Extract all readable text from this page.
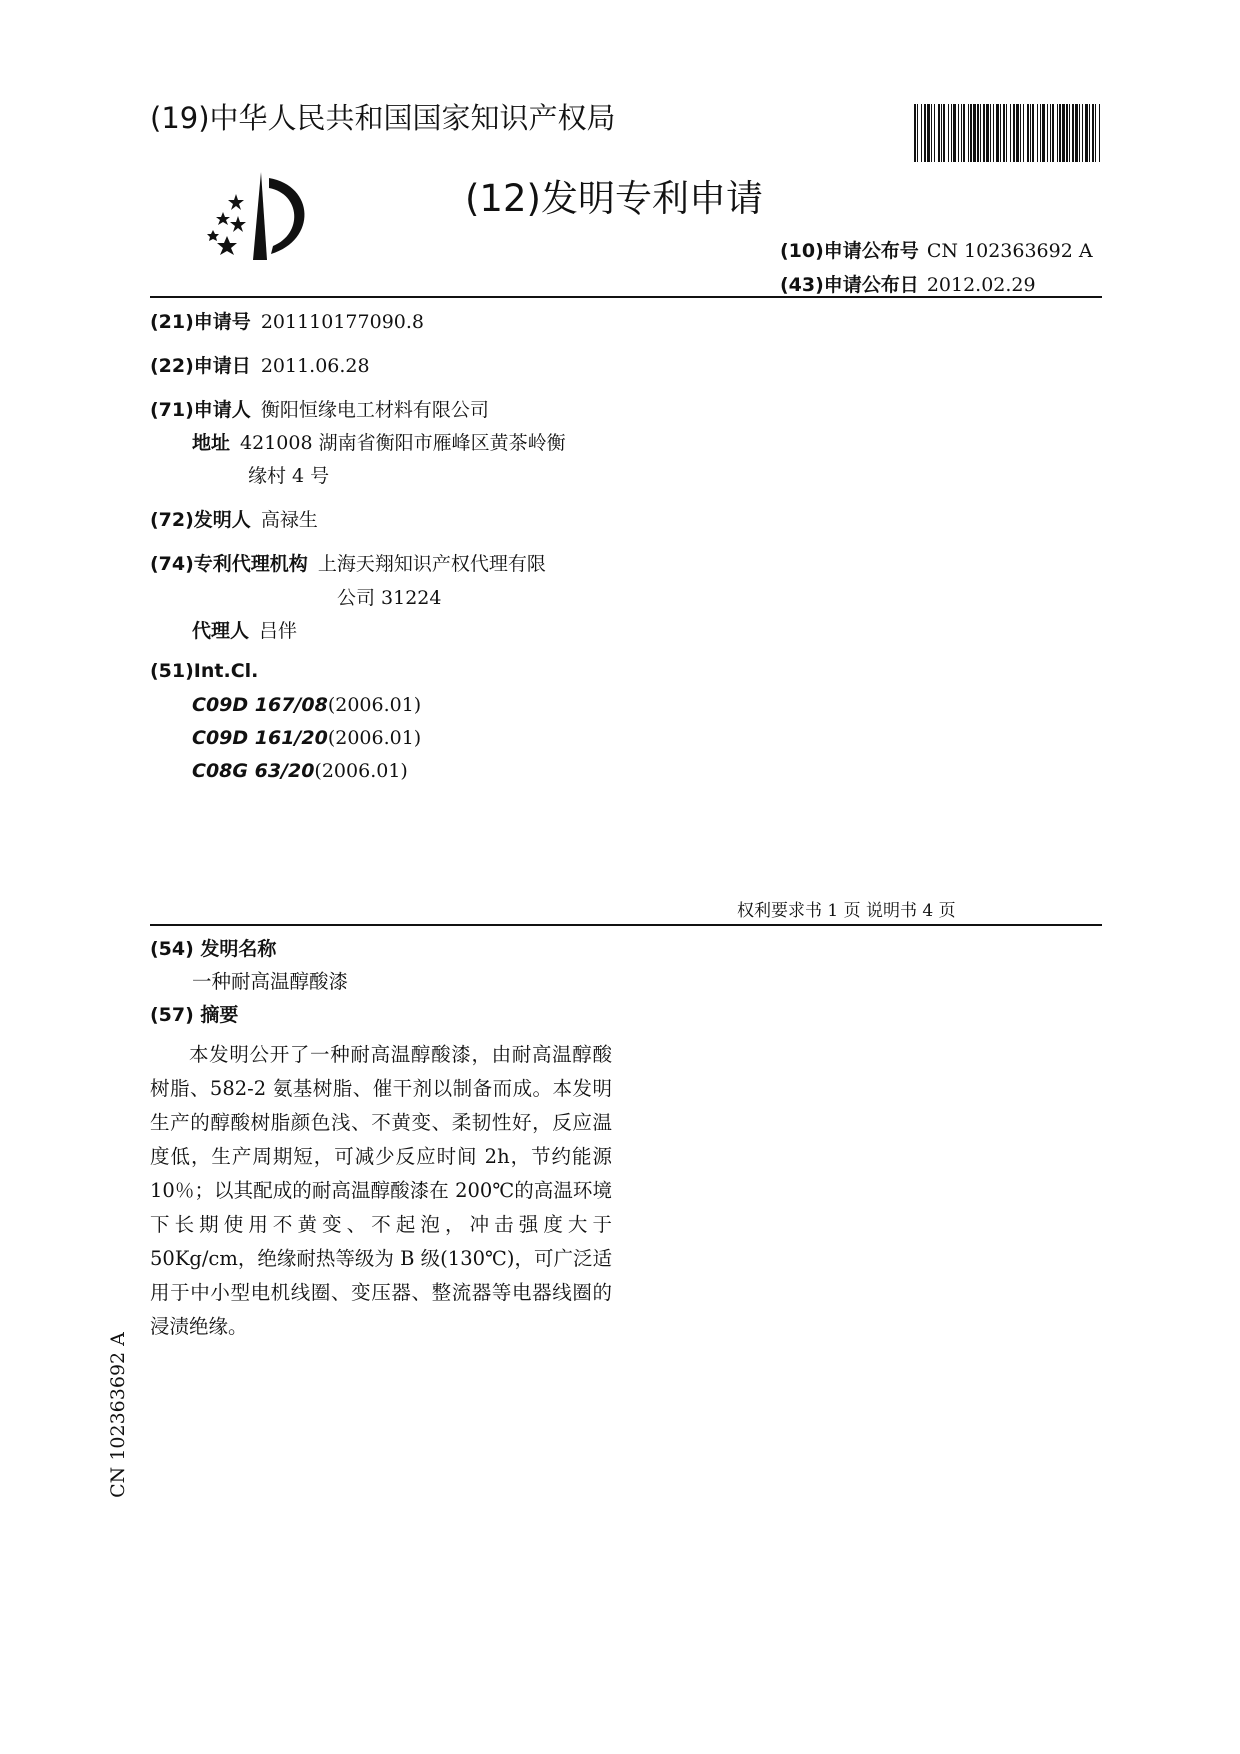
(19)中华人民共和国国家知识产权局
(12)发明专利申请
(10)申请公布号 CN 102363692 A
(43)申请公布日 2012.02.29
(21)申请号 201110177090.8
(22)申请日 2011.06.28
(71)申请人 衡阳恒缘电工材料有限公司
地址 421008 湖南省衡阳市雁峰区黄茶岭衡
缘村 4 号
(72)发明人 高禄生
(74)专利代理机构 上海天翔知识产权代理有限
公司 31224
代理人 吕伴
(51)Int.Cl.
C09D 167/08(2006.01)
C09D 161/20(2006.01)
C08G 63/20(2006.01)
权利要求书 1 页 说明书 4 页
(54) 发明名称
一种耐高温醇酸漆
(57) 摘要
本发明公开了一种耐高温醇酸漆，由耐高温醇酸树脂、582-2 氨基树脂、催干剂以制备而成。本发明生产的醇酸树脂颜色浅、不黄变、柔韧性好，反应温度低，生产周期短，可减少反应时间 2h，节约能源 10％；以其配成的耐高温醇酸漆在 200℃的高温环境下长期使用不黄变、不起泡，冲击强度大于 50Kg/cm，绝缘耐热等级为 B 级(130℃)，可广泛适用于中小型电机线圈、变压器、整流器等电器线圈的浸渍绝缘。
CN 102363692 A
